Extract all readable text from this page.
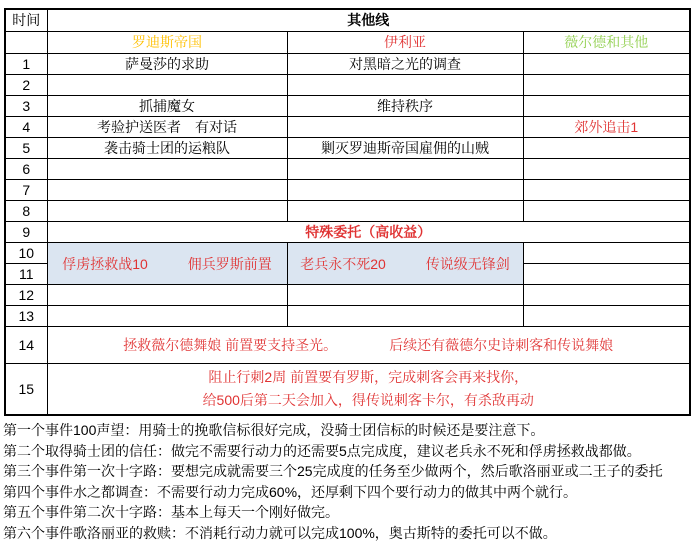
时间	其他线		
	罗迪斯帝国	伊利亚	薇尔德和其他
1	萨曼莎的求助	对黑暗之光的调查	
2			
3	抓捕魔女	维持秩序	
4	考验护送医者　有对话		郊外追击1
5	袭击骑士团的运粮队	剿灭罗迪斯帝国雇佣的山贼	
6			
7			
8			
9	特殊委托（高收益）		
10	俘虏拯救战10 佣兵罗斯前置	老兵永不死20 传说级无锋剑	
11			
12			
13			
14	拯救薇尔德舞娘 前置要支持圣光。 后续还有薇德尔史诗刺客和传说舞娘		
15	阻止行刺2周 前置要有罗斯，完成刺客会再来找你，
给500后第二天会加入，得传说刺客卡尔，有杀敌再动		
第一个事件100声望：用骑士的挽歌信标很好完成，没骑士团信标的时候还是要注意下。
第二个取得骑士团的信任：做完不需要行动力的还需要5点完成度，建议老兵永不死和俘虏拯救战都做。
第三个事件第一次十字路：要想完成就需要三个25完成度的任务至少做两个，然后歌洛丽亚或二王子的委托
第四个事件水之都调查：不需要行动力完成60%，还厚剩下四个要行动力的做其中两个就行。
第五个事件第二次十字路：基本上每天一个刚好做完。
第六个事件歌洛丽亚的救赎：不消耗行动力就可以完成100%，奥古斯特的委托可以不做。
